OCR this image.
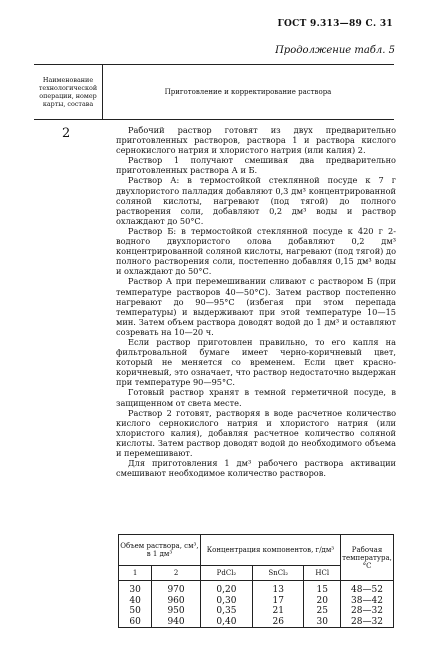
ГОСТ 9.313—89 С. 31
Продолжение табл. 5
Наименование технологической операции, номер карты, состава
Приготовление и корректирование раствора
2	Рабочий раствор готовят из двух предварительно приготовленных растворов, раствора 1 и раствора кислого сернокислого натрия и хлористого натрия (или калия) 2.

Раствор 1 получают смешивая два предварительно приготовленных раствора А и Б.

Раствор А: в термостойкой стеклянной посуде к 7 г двухлористого палладия добавляют 0,3 дм³ концентрированной соляной кислоты, нагревают (под тягой) до полного растворения соли, добавляют 0,2 дм³ воды и раствор охлаждают до 50°С.

Раствор Б: в термостойкой стеклянной посуде к 420 г 2-водного двухлористого олова добавляют 0,2 дм³ концентрированной соляной кислоты, нагревают (под тягой) до полного растворения соли, постепенно добавляя 0,15 дм³ воды и охлаждают до 50°С.

Раствор А при перемешивании сливают с раствором Б (при температуре растворов 40—50°С). Затем раствор постепенно нагревают до 90—95°С (избегая при этом перепада температуры) и выдерживают при этой температуре 10—15 мин. Затем объем раствора доводят водой до 1 дм³ и оставляют созревать на 10—20 ч.

Если раствор приготовлен правильно, то его капля на фильтровальной бумаге имеет черно-коричневый цвет, который не меняется со временем. Если цвет красно-коричневый, это означает, что раствор недостаточно выдержан при температуре 90—95°С.

Готовый раствор хранят в темной герметичной посуде, в защищенном от света месте.

Раствор 2 готовят, растворяя в воде расчетное количество кислого сернокислого натрия и хлористого натрия (или хлористого калия), добавляя расчетное количество соляной кислоты. Затем раствор доводят водой до необходимого объема и перемешивают.

Для приготовления 1 дм³ рабочего раствора активации смешивают необходимое количество растворов.

Объем раствора, см³, в 1 дм³		Концентрация компонентов, г/дм³			Рабочая температура, °С
1	2	PdCl₂	SnCl₂	HCl	

30	970	0,20	13	15	48—52
40	960	0,30	17	20	38—42
50	950	0,35	21	25	28—32
60	940	0,40	26	30	28—32
